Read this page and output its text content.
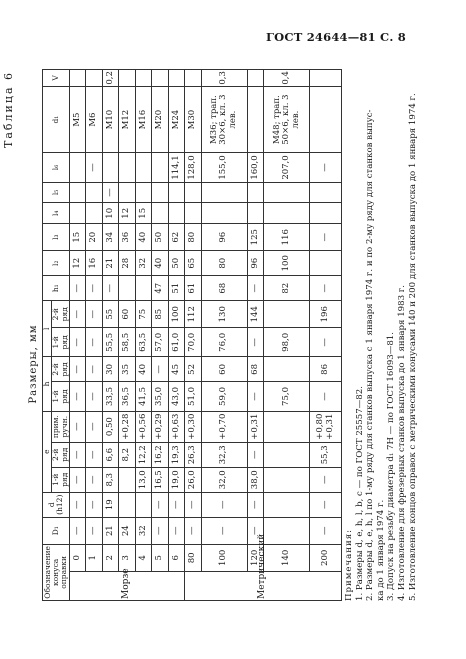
ГОСТ 24644—81 С. 8
Таблица 6
Размеры, мм
Обозначение конуса оправки		D₁	d (h12)	e			h		l		h₁	l₂	l₃	l₄	l₅	l₆	d₁	V
				1-й ряд	2-й ряд	прим. ручн.	1-й ряд	2-й ряд	1-й ряд	2-й ряд								
Морзе	0	—	—	—	—	—	—	—	—	—	—	12	15				M5	
	1	—	—	—	—	—	—	—	—	—	—	16	20			—	M6	
	2	21	19	8,3	6,6	0,50	33,5	30	55,5	55	—	21	34	10	—		M10	0,2
	3	24			8,2	+0,28	36,5	35	58,5	60		28	36	12			M12	
	4	32		13,0	12,2	+0,56	41,5	40	63,5	75		32	40	15			M16	
	5	—	—	16,5	16,2	+0,29	35,0	—	57,0	85	47	40	50				M20	
	6	—	—	19,0	19,3	+0,63	43,0	45	61,0	100	51	50	62			114,1	M24	
Метрический	80	—	—	26,0	26,3	+0,30	51,0	52	70,0	112	61	65	80			128,0	M30	
	100	—	—	32,0	32,3	+0,70	59,0	60	76,0	130	68	80	96			155,0	M36; трап. 30×6, кл. 3 лев.	0,3
	120	—	—	38,0	—	+0,31	—	68	—	144	—	96	125			160,0		
	140						75,0		98,0		82	100	116			207,0	M48; трап. 50×6, кл. 3 лев.	0,4
	200	—	—	—	55,3	+0,80 +0,31	—	86	—	196	—		—			—		
Примечания: 1. Размеры d, e, h, l, b, c — по ГОСТ 25557—82. 2. Размеры d, e, h, l по 1-му ряду для станков выпуска с 1 января 1974 г. и по 2-му ряду для станков выпус- ка до 1 января 1974 г. 3. Допуск на резьбу диаметра d₁ 7Н — по ГОСТ 16093—81. 4. Изготовление для фрезерных станков выпуска до 1 января 1983 г. 5. Изготовление концов оправок с метрическими конусами 140 и 200 для станков выпуска до 1 января 1974 г.
